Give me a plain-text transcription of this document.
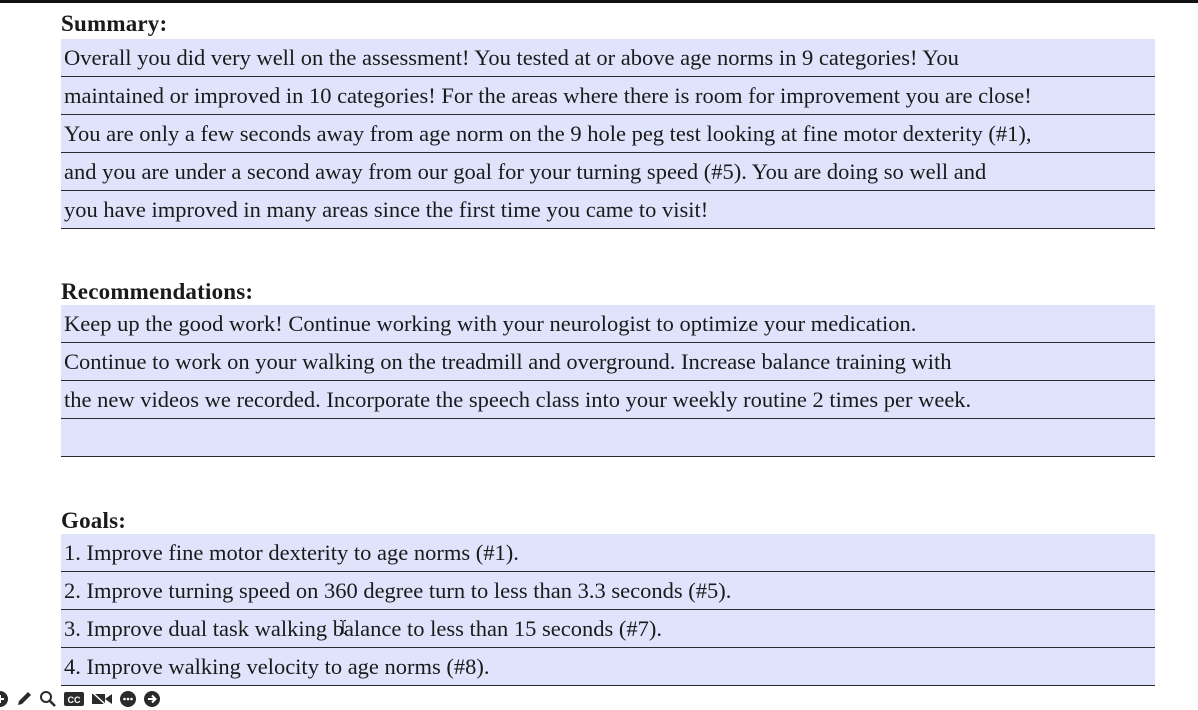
Summary:
Overall you did very well on the assessment! You tested at or above age norms in 9 categories! You
maintained or improved in 10 categories! For the areas where there is room for improvement you are close!
You are only a few seconds away from age norm on the 9 hole peg test looking at fine motor dexterity (#1),
and you are under a second away from our goal for your turning speed (#5). You are doing so well and
you have improved in many areas since the first time you came to visit!
Recommendations:
Keep up the good work! Continue working with your neurologist to optimize your medication.
Continue to work on your walking on the treadmill and overground. Increase balance training with
the new videos we recorded. Incorporate the speech class into your weekly routine 2 times per week.
Goals:
1. Improve fine motor dexterity to age norms (#1).
2. Improve turning speed on 360 degree turn to less than 3.3 seconds (#5).
3. Improve dual task walking balance to less than 15 seconds (#7).
4. Improve walking velocity to age norms (#8).
CC
